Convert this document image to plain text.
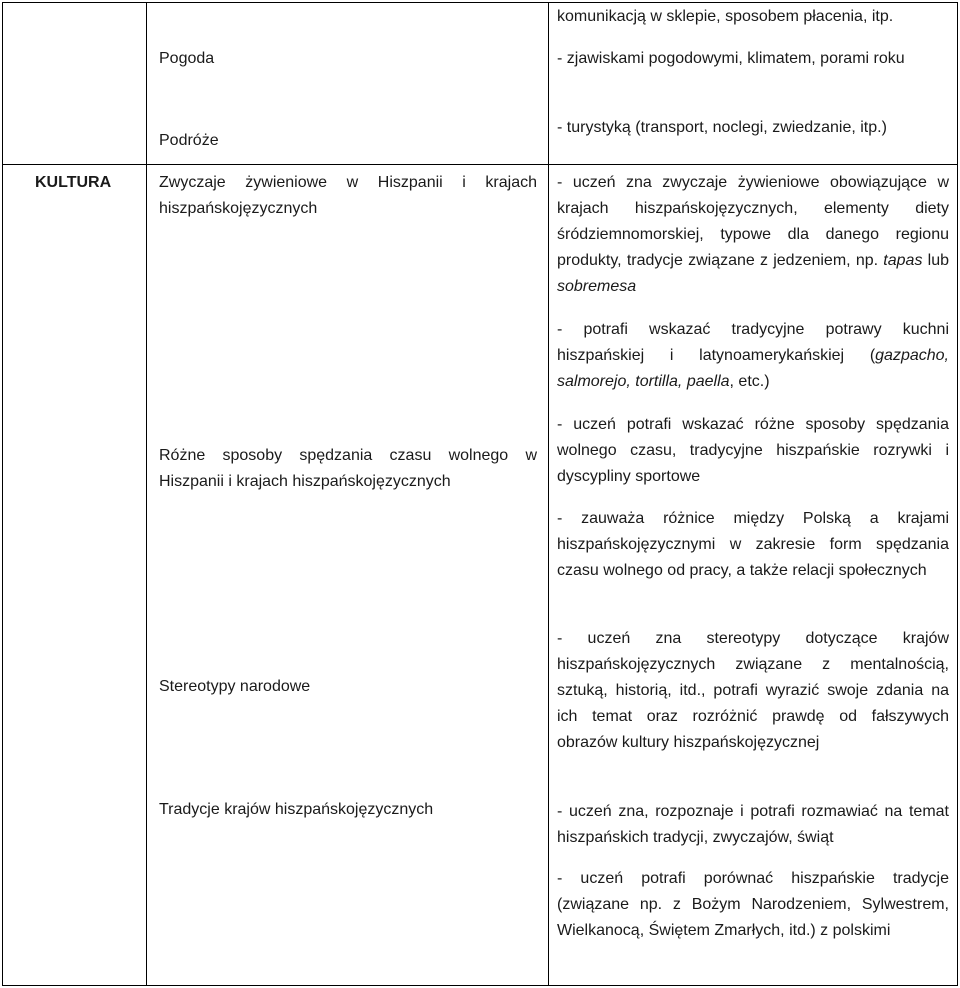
KULTURA

Pogoda

Podróże

Zwyczaje żywieniowe w Hiszpanii i krajach hiszpańskojęzycznych

Różne sposoby spędzania czasu wolnego w Hiszpanii i krajach hiszpańskojęzycznych

Stereotypy narodowe

Tradycje krajów hiszpańskojęzycznych

komunikacją w sklepie, sposobem płacenia, itp.

- zjawiskami pogodowymi, klimatem, porami roku

- turystyką (transport, noclegi, zwiedzanie, itp.)

- uczeń zna zwyczaje żywieniowe obowiązujące w krajach hiszpańskojęzycznych, elementy diety śródziemnomorskiej, typowe dla danego regionu produkty, tradycje związane z jedzeniem, np. tapas lub sobremesa

- potrafi wskazać tradycyjne potrawy kuchni hiszpańskiej i latynoamerykańskiej (gazpacho, salmorejo, tortilla, paella, etc.)

- uczeń potrafi wskazać różne sposoby spędzania wolnego czasu, tradycyjne hiszpańskie rozrywki i dyscypliny sportowe

- zauważa różnice między Polską a krajami hiszpańskojęzycznymi w zakresie form spędzania czasu wolnego od pracy, a także relacji społecznych

- uczeń zna stereotypy dotyczące krajów hiszpańskojęzycznych związane z mentalnością, sztuką, historią, itd., potrafi wyrazić swoje zdania na ich temat oraz rozróżnić prawdę od fałszywych obrazów kultury hiszpańskojęzycznej

- uczeń zna, rozpoznaje i potrafi rozmawiać na temat hiszpańskich tradycji, zwyczajów, świąt

- uczeń potrafi porównać hiszpańskie tradycje (związane np. z Bożym Narodzeniem, Sylwestrem, Wielkanocą, Świętem Zmarłych, itd.) z polskimi
